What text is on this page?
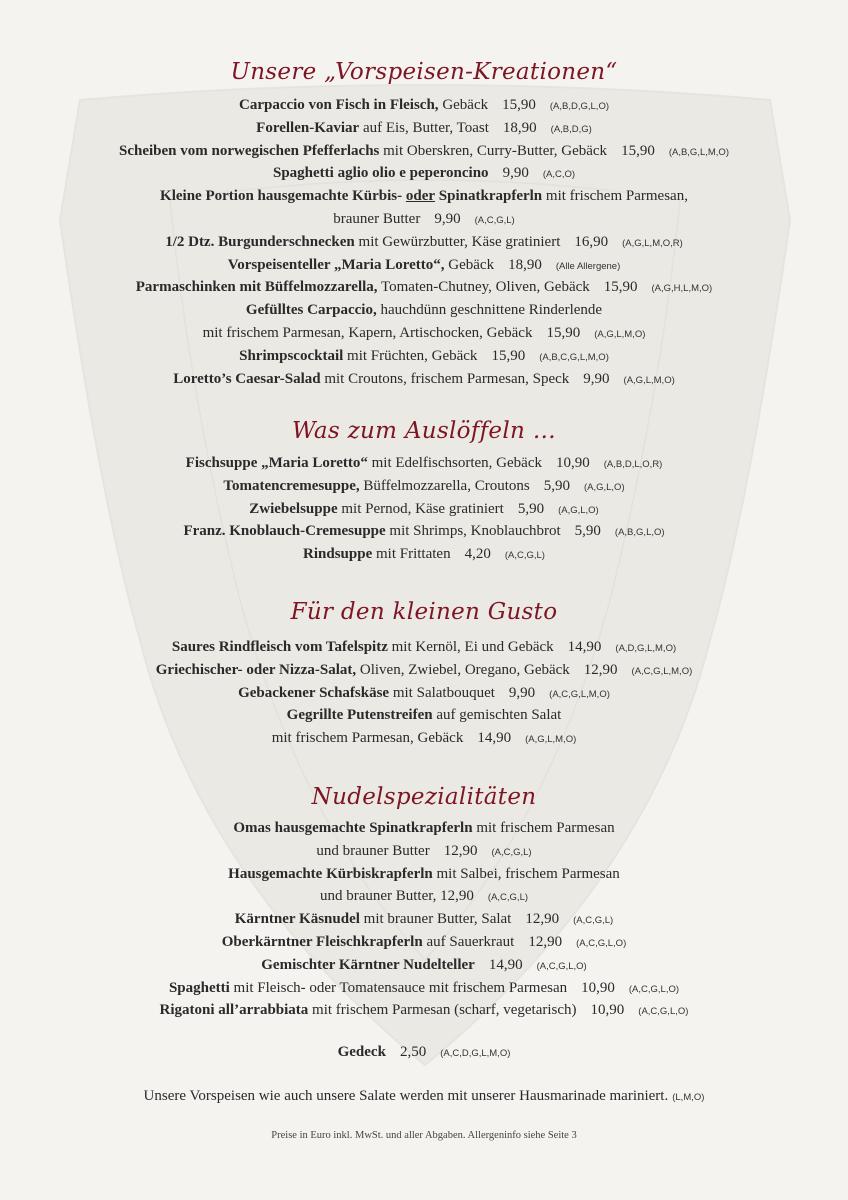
Unsere „Vorspeisen-Kreationen“
Carpaccio von Fisch in Fleisch, Gebäck 15,90 (A,B,D,G,L,O)
Forellen-Kaviar auf Eis, Butter, Toast 18,90 (A,B,D,G)
Scheiben vom norwegischen Pfefferlachs mit Oberskren, Curry-Butter, Gebäck 15,90 (A,B,G,L,M,O)
Spaghetti aglio olio e peperoncino 9,90 (A,C,O)
Kleine Portion hausgemachte Kürbis- oder Spinatkrapferln mit frischem Parmesan,
brauner Butter 9,90 (A,C,G,L)
1/2 Dtz. Burgunderschnecken mit Gewürzbutter, Käse gratiniert 16,90 (A,G,L,M,O,R)
Vorspeisenteller „Maria Loretto“, Gebäck 18,90 (Alle Allergene)
Parmaschinken mit Büffelmozzarella, Tomaten-Chutney, Oliven, Gebäck 15,90 (A,G,H,L,M,O)
Gefülltes Carpaccio, hauchdünn geschnittene Rinderlende
mit frischem Parmesan, Kapern, Artischocken, Gebäck 15,90 (A,G,L,M,O)
Shrimpscocktail mit Früchten, Gebäck 15,90 (A,B,C,G,L,M,O)
Loretto’s Caesar-Salad mit Croutons, frischem Parmesan, Speck 9,90 (A,G,L,M,O)
Was zum Auslöffeln …
Fischsuppe „Maria Loretto“ mit Edelfischsorten, Gebäck 10,90 (A,B,D,L,O,R)
Tomatencremesuppe, Büffelmozzarella, Croutons 5,90 (A,G,L,O)
Zwiebelsuppe mit Pernod, Käse gratiniert 5,90 (A,G,L,O)
Franz. Knoblauch-Cremesuppe mit Shrimps, Knoblauchbrot 5,90 (A,B,G,L,O)
Rindsuppe mit Frittaten 4,20 (A,C,G,L)
Für den kleinen Gusto
Saures Rindfleisch vom Tafelspitz mit Kernöl, Ei und Gebäck 14,90 (A,D,G,L,M,O)
Griechischer- oder Nizza-Salat, Oliven, Zwiebel, Oregano, Gebäck 12,90 (A,C,G,L,M,O)
Gebackener Schafskäse mit Salatbouquet 9,90 (A,C,G,L,M,O)
Gegrillte Putenstreifen auf gemischten Salat
mit frischem Parmesan, Gebäck 14,90 (A,G,L,M,O)
Nudelspezialitäten
Omas hausgemachte Spinatkrapferln mit frischem Parmesan
und brauner Butter 12,90 (A,C,G,L)
Hausgemachte Kürbiskrapferln mit Salbei, frischem Parmesan
und brauner Butter, 12,90 (A,C,G,L)
Kärntner Käsnudel mit brauner Butter, Salat 12,90 (A,C,G,L)
Oberkärntner Fleischkrapferln auf Sauerkraut 12,90 (A,C,G,L,O)
Gemischter Kärntner Nudelteller 14,90 (A,C,G,L,O)
Spaghetti mit Fleisch- oder Tomatensauce mit frischem Parmesan 10,90 (A,C,G,L,O)
Rigatoni all’arrabbiata mit frischem Parmesan (scharf, vegetarisch) 10,90 (A,C,G,L,O)
Gedeck 2,50 (A,C,D,G,L,M,O)
Unsere Vorspeisen wie auch unsere Salate werden mit unserer Hausmarinade mariniert. (L,M,O)
Preise in Euro inkl. MwSt. und aller Abgaben. Allergeninfo siehe Seite 3
